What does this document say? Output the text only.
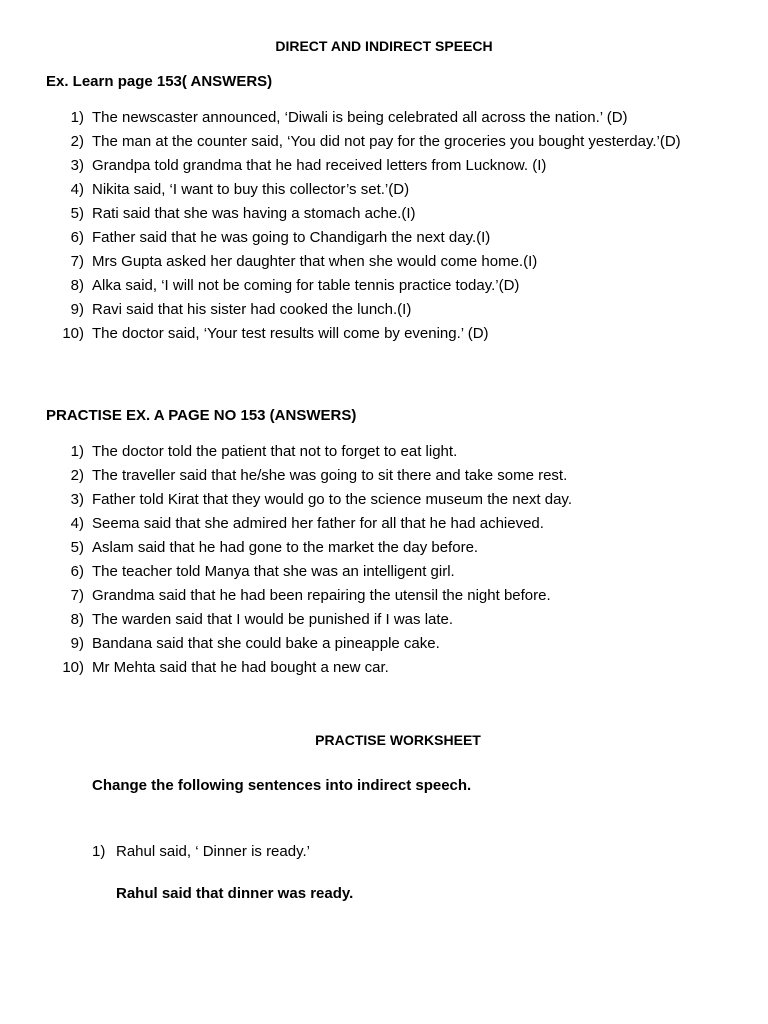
DIRECT AND INDIRECT SPEECH

Ex. Learn page 153( ANSWERS)

1) The newscaster announced, ‘Diwali is being celebrated all across the nation.’ (D)
2) The man at the counter said, ‘You did not pay for the groceries you bought yesterday.’(D)
3) Grandpa told grandma that he had received letters from Lucknow. (I)
4) Nikita said, ‘I want to buy this collector’s set.’(D)
5) Rati said that she was having a stomach ache.(I)
6) Father said that he was going to Chandigarh the next day.(I)
7) Mrs Gupta asked her daughter that when she would come home.(I)
8) Alka said, ‘I will not be coming for table tennis practice today.’(D)
9) Ravi said that his sister had cooked the lunch.(I)
10) The doctor said, ‘Your test results will come by evening.’ (D)

PRACTISE EX. A PAGE NO 153 (ANSWERS)

1) The doctor told the patient that not to forget to eat light.
2) The traveller said that he/she was going to sit there and take some rest.
3) Father told Kirat that they would go to the science museum the next day.
4) Seema said that she admired her father for all that he had achieved.
5) Aslam said that he had gone to the market the day before.
6) The teacher told Manya that she was an intelligent girl.
7) Grandma said that he had been repairing the utensil the night before.
8) The warden said that I would be punished if I was late.
9) Bandana said that she could bake a pineapple cake.
10) Mr Mehta said that he had bought a new car.
PRACTISE WORKSHEET

Change the following sentences into indirect speech.

1) Rahul said, ‘ Dinner is ready.’

Rahul said that dinner was ready.
